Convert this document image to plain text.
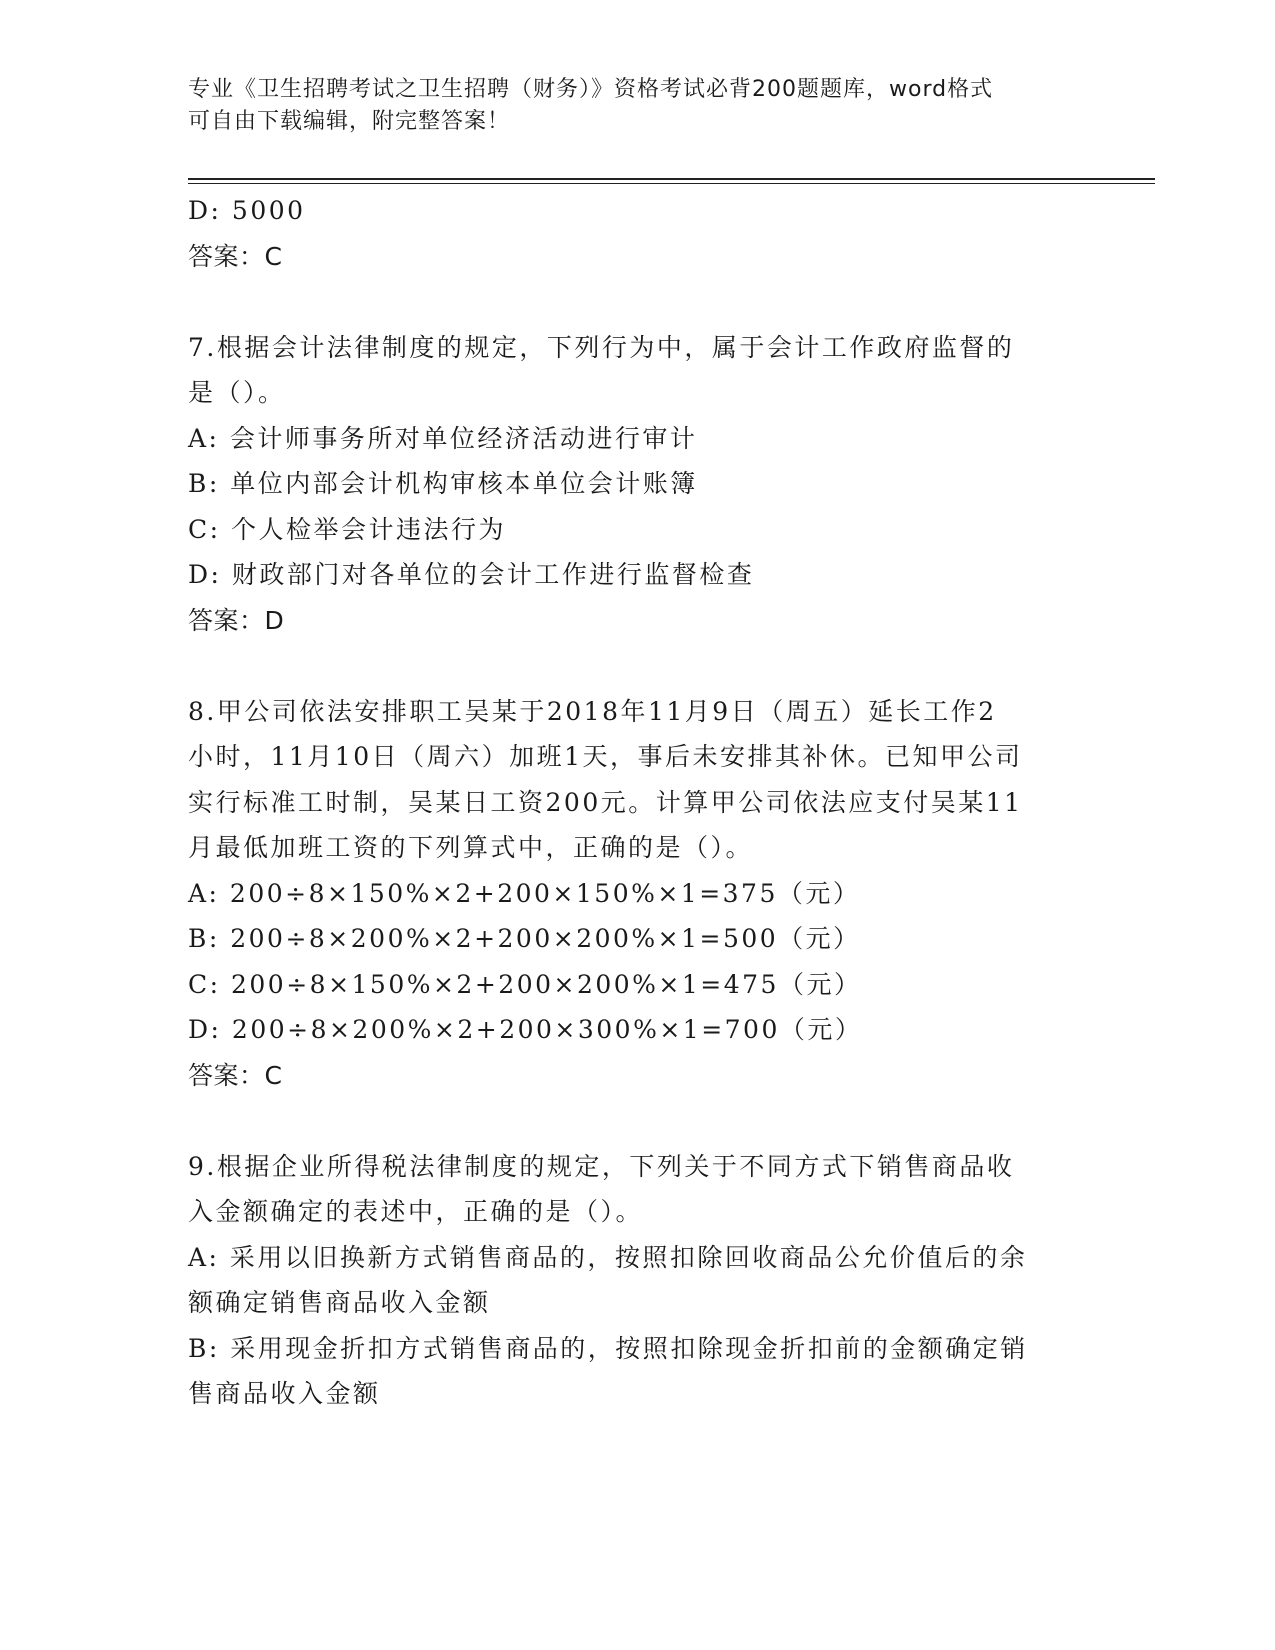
专业《卫生招聘考试之卫生招聘（财务）》资格考试必背200题题库，word格式
可自由下载编辑，附完整答案！
D: 5000
答案：C
7.根据会计法律制度的规定，下列行为中，属于会计工作政府监督的
是（）。
A: 会计师事务所对单位经济活动进行审计
B: 单位内部会计机构审核本单位会计账簿
C: 个人检举会计违法行为
D: 财政部门对各单位的会计工作进行监督检查
答案：D
8.甲公司依法安排职工吴某于2018年11月9日（周五）延长工作2
小时，11月10日（周六）加班1天，事后未安排其补休。已知甲公司
实行标准工时制，吴某日工资200元。计算甲公司依法应支付吴某11
月最低加班工资的下列算式中，正确的是（）。
A: 200÷8×150%×2+200×150%×1=375（元）
B: 200÷8×200%×2+200×200%×1=500（元）
C: 200÷8×150%×2+200×200%×1=475（元）
D: 200÷8×200%×2+200×300%×1=700（元）
答案：C
9.根据企业所得税法律制度的规定，下列关于不同方式下销售商品收
入金额确定的表述中，正确的是（）。
A: 采用以旧换新方式销售商品的，按照扣除回收商品公允价值后的余
额确定销售商品收入金额
B: 采用现金折扣方式销售商品的，按照扣除现金折扣前的金额确定销
售商品收入金额
